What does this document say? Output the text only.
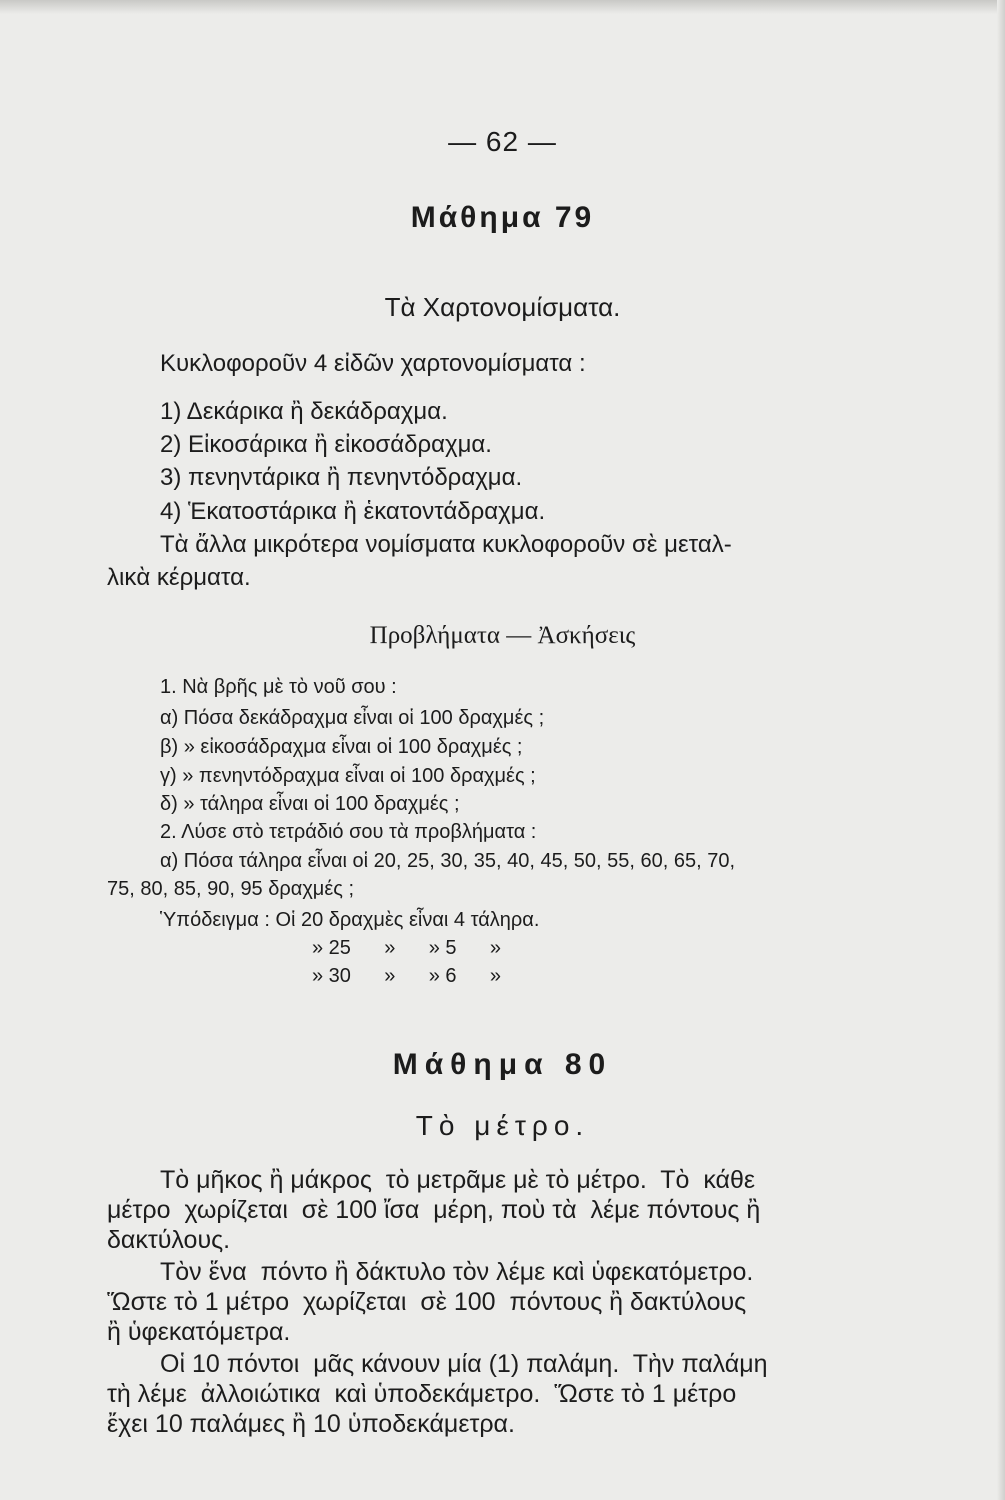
— 62 —
Μάθημα 79
Τὰ Χαρτονομίσματα.
Κυκλοφοροῦν 4 εἰδῶν χαρτονομίσματα :
1) Δεκάρικα ἢ δεκάδραχμα.
2) Εἰκοσάρικα ἢ εἰκοσάδραχμα.
3) πενηντάρικα ἢ πενηντόδραχμα.
4) Ἑκατοστάρικα ἢ ἑκατοντάδραχμα.
Τὰ ἄλλα μικρότερα νομίσματα κυκλοφοροῦν σὲ μεταλ-
λικὰ κέρματα.
Προβλήματα — Ἀσκήσεις
1. Νὰ βρῆς μὲ τὸ νοῦ σου :
α) Πόσα δεκάδραχμα εἶναι οἱ 100 δραχμές ;
β) » εἰκοσάδραχμα εἶναι οἱ 100 δραχμές ;
γ) » πενηντόδραχμα εἶναι οἱ 100 δραχμές ;
δ) » τάληρα εἶναι οἱ 100 δραχμές ;
2. Λύσε στὸ τετράδιό σου τὰ προβλήματα :
α) Πόσα τάληρα εἶναι οἱ 20, 25, 30, 35, 40, 45, 50, 55, 60, 65, 70,
75, 80, 85, 90, 95 δραχμές ;
Ὑπόδειγμα : Οἱ 20 δραχμὲς εἶναι 4 τάληρα.
» 25      »      » 5      »
» 30      »      » 6      »
Μάθημα 80
Τὸ μέτρο.
Τὸ μῆκος ἢ μάκρος  τὸ μετρᾶμε μὲ τὸ μέτρο.  Τὸ  κάθε
μέτρο  χωρίζεται  σὲ 100 ἴσα  μέρη, ποὺ τὰ  λέμε πόντους ἢ
δακτύλους.
Τὸν ἕνα  πόντο ἢ δάκτυλο τὸν λέμε καὶ ὑφεκατόμετρο.
Ὥστε τὸ 1 μέτρο  χωρίζεται  σὲ 100  πόντους ἢ δακτύλους
ἢ ὑφεκατόμετρα.
Οἱ 10 πόντοι  μᾶς κάνουν μία (1) παλάμη.  Τὴν παλάμη
τὴ λέμε  ἀλλοιώτικα  καὶ ὑποδεκάμετρο.  Ὥστε τὸ 1 μέτρο
ἔχει 10 παλάμες ἢ 10 ὑποδεκάμετρα.
